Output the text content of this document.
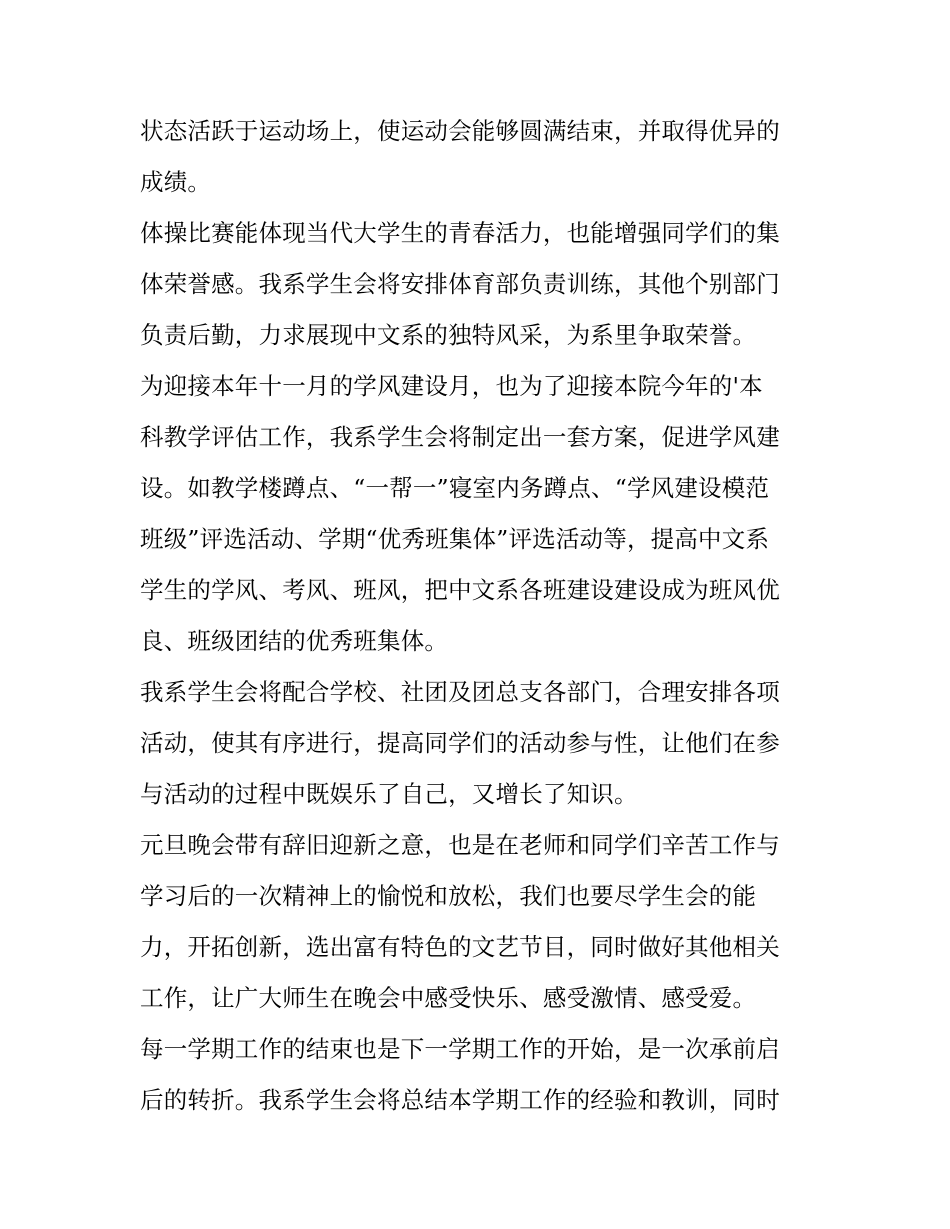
状态活跃于运动场上，使运动会能够圆满结束，并取得优异的
成绩。
体操比赛能体现当代大学生的青春活力，也能增强同学们的集
体荣誉感。我系学生会将安排体育部负责训练，其他个别部门
负责后勤，力求展现中文系的独特风采，为系里争取荣誉。
为迎接本年十一月的学风建设月，也为了迎接本院今年的'本
科教学评估工作，我系学生会将制定出一套方案，促进学风建
设。如教学楼蹲点、“一帮一”寝室内务蹲点、“学风建设模范
班级”评选活动、学期“优秀班集体”评选活动等，提高中文系
学生的学风、考风、班风，把中文系各班建设建设成为班风优
良、班级团结的优秀班集体。
我系学生会将配合学校、社团及团总支各部门，合理安排各项
活动，使其有序进行，提高同学们的活动参与性，让他们在参
与活动的过程中既娱乐了自己，又增长了知识。
元旦晚会带有辞旧迎新之意，也是在老师和同学们辛苦工作与
学习后的一次精神上的愉悦和放松，我们也要尽学生会的能
力，开拓创新，选出富有特色的文艺节目，同时做好其他相关
工作，让广大师生在晚会中感受快乐、感受激情、感受爱。
每一学期工作的结束也是下一学期工作的开始，是一次承前启
后的转折。我系学生会将总结本学期工作的经验和教训，同时
